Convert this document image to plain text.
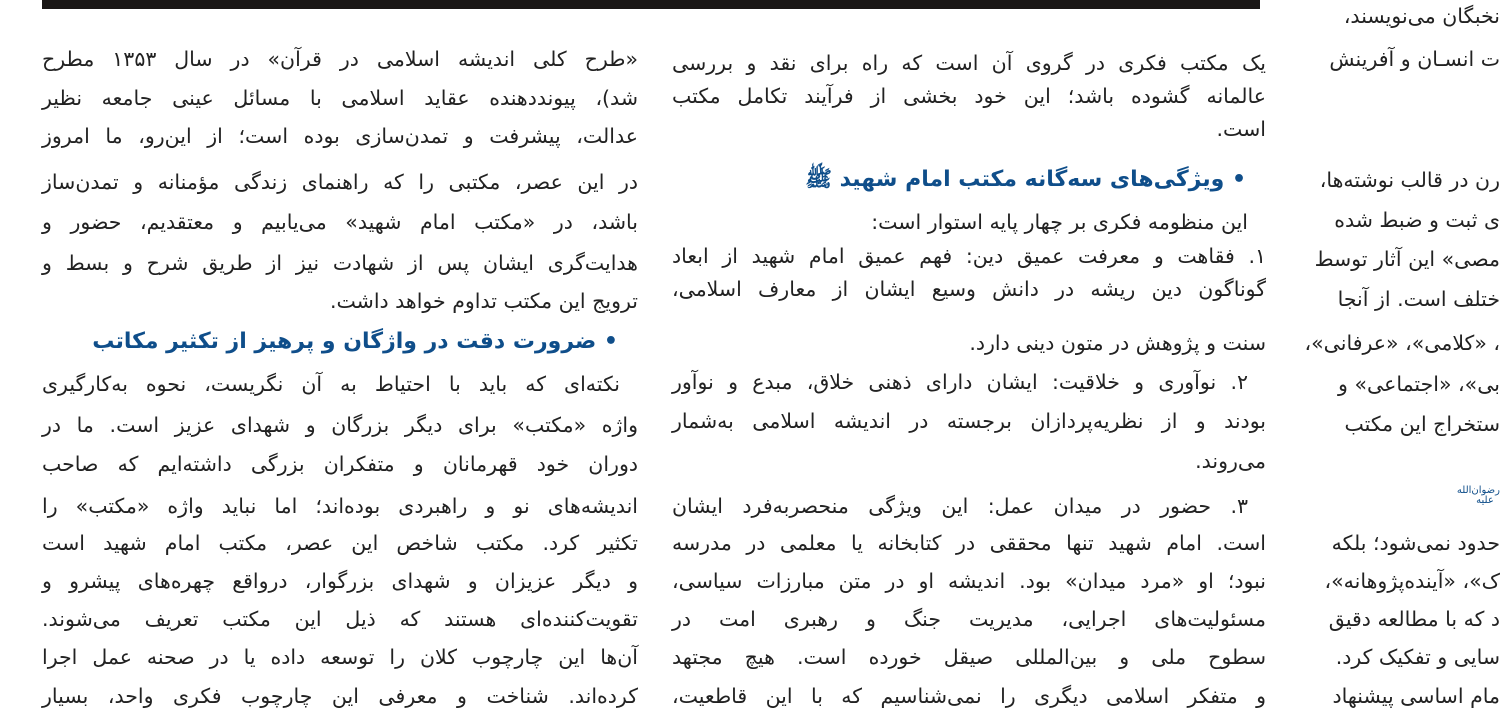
یک مکتب فکری در گروی آن است که راه برای نقد و بررسی
عالمانه گشوده باشد؛ این خود بخشی از فرآیند تکامل مکتب
است.
• ویژگی‌های سه‌گانه مکتب امام شهید ﷺ
این منظومه فکری بر چهار پایه استوار است:
۱. فقاهت و معرفت عمیق دین: فهم عمیق امام شهید از ابعاد
گوناگون دین ریشه در دانش وسیع ایشان از معارف اسلامی،
سنت و پژوهش در متون دینی دارد.
۲. نوآوری و خلاقیت: ایشان دارای ذهنی خلاق، مبدع و نوآور
بودند و از نظریه‌پردازان برجسته در اندیشه اسلامی به‌شمار
می‌روند.
۳. حضور در میدان عمل: این ویژگی منحصربه‌فرد ایشان
است. امام شهید تنها محققی در کتابخانه یا معلمی در مدرسه
نبود؛ او «مرد میدان» بود. اندیشه او در متن مبارزات سیاسی،
مسئولیت‌های اجرایی، مدیریت جنگ و رهبری امت در
سطوح ملی و بین‌المللی صیقل خورده است. هیچ مجتهد
و متفکر اسلامی دیگری را نمی‌شناسیم که با این قاطعیت،
«طرح کلی اندیشه اسلامی در قرآن» در سال ۱۳۵۳ مطرح
شد)، پیونددهنده عقاید اسلامی با مسائل عینی جامعه نظیر
عدالت، پیشرفت و تمدن‌سازی بوده است؛ از این‌رو، ما امروز
در این عصر، مکتبی را که راهنمای زندگی مؤمنانه و تمدن‌ساز
باشد، در «مکتب امام شهید» می‌یابیم و معتقدیم، حضور و
هدایت‌گری ایشان پس از شهادت نیز از طریق شرح و بسط و
ترویج این مکتب تداوم خواهد داشت.
• ضرورت دقت در واژگان و پرهیز از تکثیر مکاتب
نکته‌ای که باید با احتیاط به آن نگریست، نحوه به‌کارگیری
واژه «مکتب» برای دیگر بزرگان و شهدای عزیز است. ما در
دوران خود قهرمانان و متفکران بزرگی داشته‌ایم که صاحب
اندیشه‌های نو و راهبردی بوده‌اند؛ اما نباید واژه «مکتب» را
تکثیر کرد. مکتب شاخص این عصر، مکتب امام شهید است
و دیگر عزیزان و شهدای بزرگوار، درواقع چهره‌های پیشرو و
تقویت‌کننده‌ای هستند که ذیل این مکتب تعریف می‌شوند.
آن‌ها این چارچوب کلان را توسعه داده یا در صحنه عمل اجرا
کرده‌اند. شناخت و معرفی این چارچوب فکری واحد، بسیار
نخبگان می‌نویسند،
ت انسـان و آفرینش
رن در قالب نوشته‌ها،
ی ثبت و ضبط شده
مصی» این آثار توسط
ختلف است. از آنجا
، «کلامی»، «عرفانی»،
بی»، «اجتماعی» و
ستخراج این مکتب
رضوان‌الله علیه
حدود نمی‌شود؛ بلکه
ک»، «آینده‌پژوهانه»،
د که با مطالعه دقیق
سایی و تفکیک کرد.
مام اساسی پیشنهاد
